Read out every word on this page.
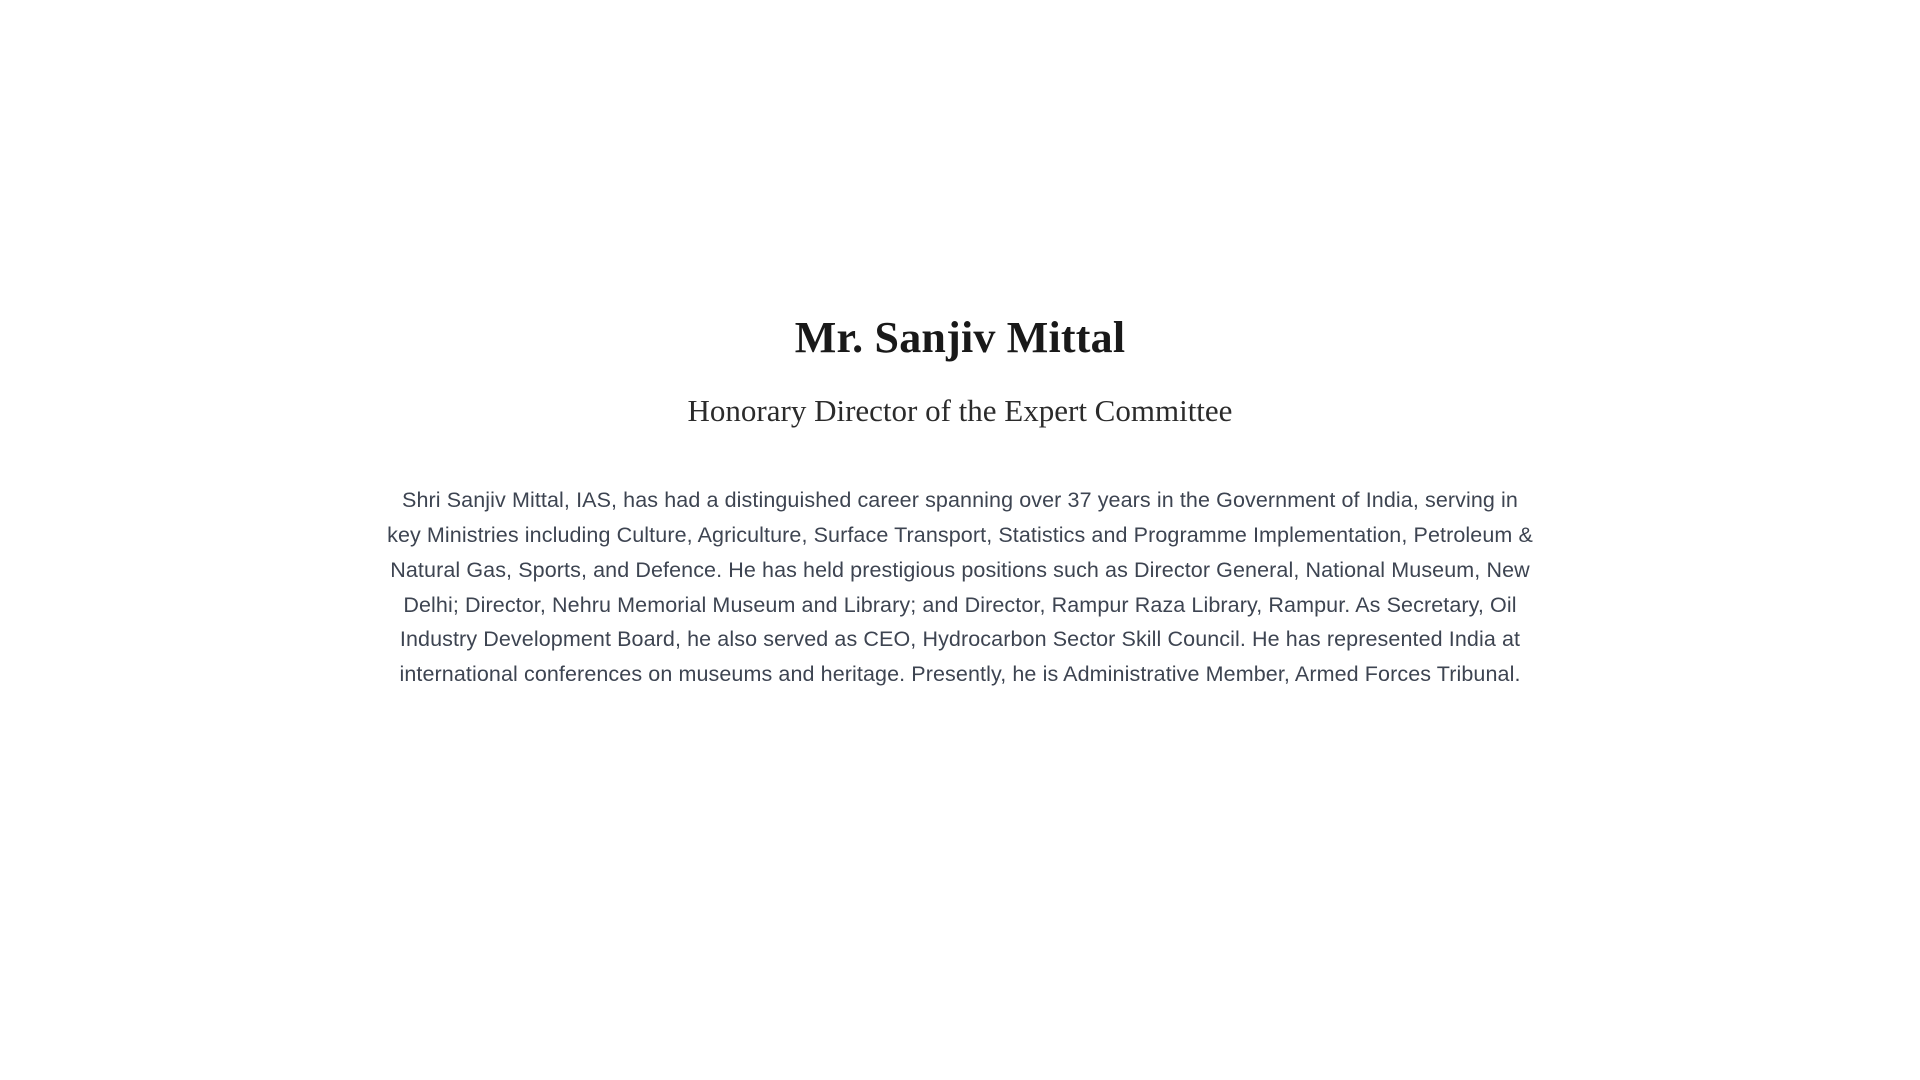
Mr. Sanjiv Mittal
Honorary Director of the Expert Committee

Shri Sanjiv Mittal, IAS, has had a distinguished career spanning over 37 years in the Government of India, serving in key Ministries including Culture, Agriculture, Surface Transport, Statistics and Programme Implementation, Petroleum & Natural Gas, Sports, and Defence. He has held prestigious positions such as Director General, National Museum, New Delhi; Director, Nehru Memorial Museum and Library; and Director, Rampur Raza Library, Rampur. As Secretary, Oil Industry Development Board, he also served as CEO, Hydrocarbon Sector Skill Council. He has represented India at international conferences on museums and heritage. Presently, he is Administrative Member, Armed Forces Tribunal.
